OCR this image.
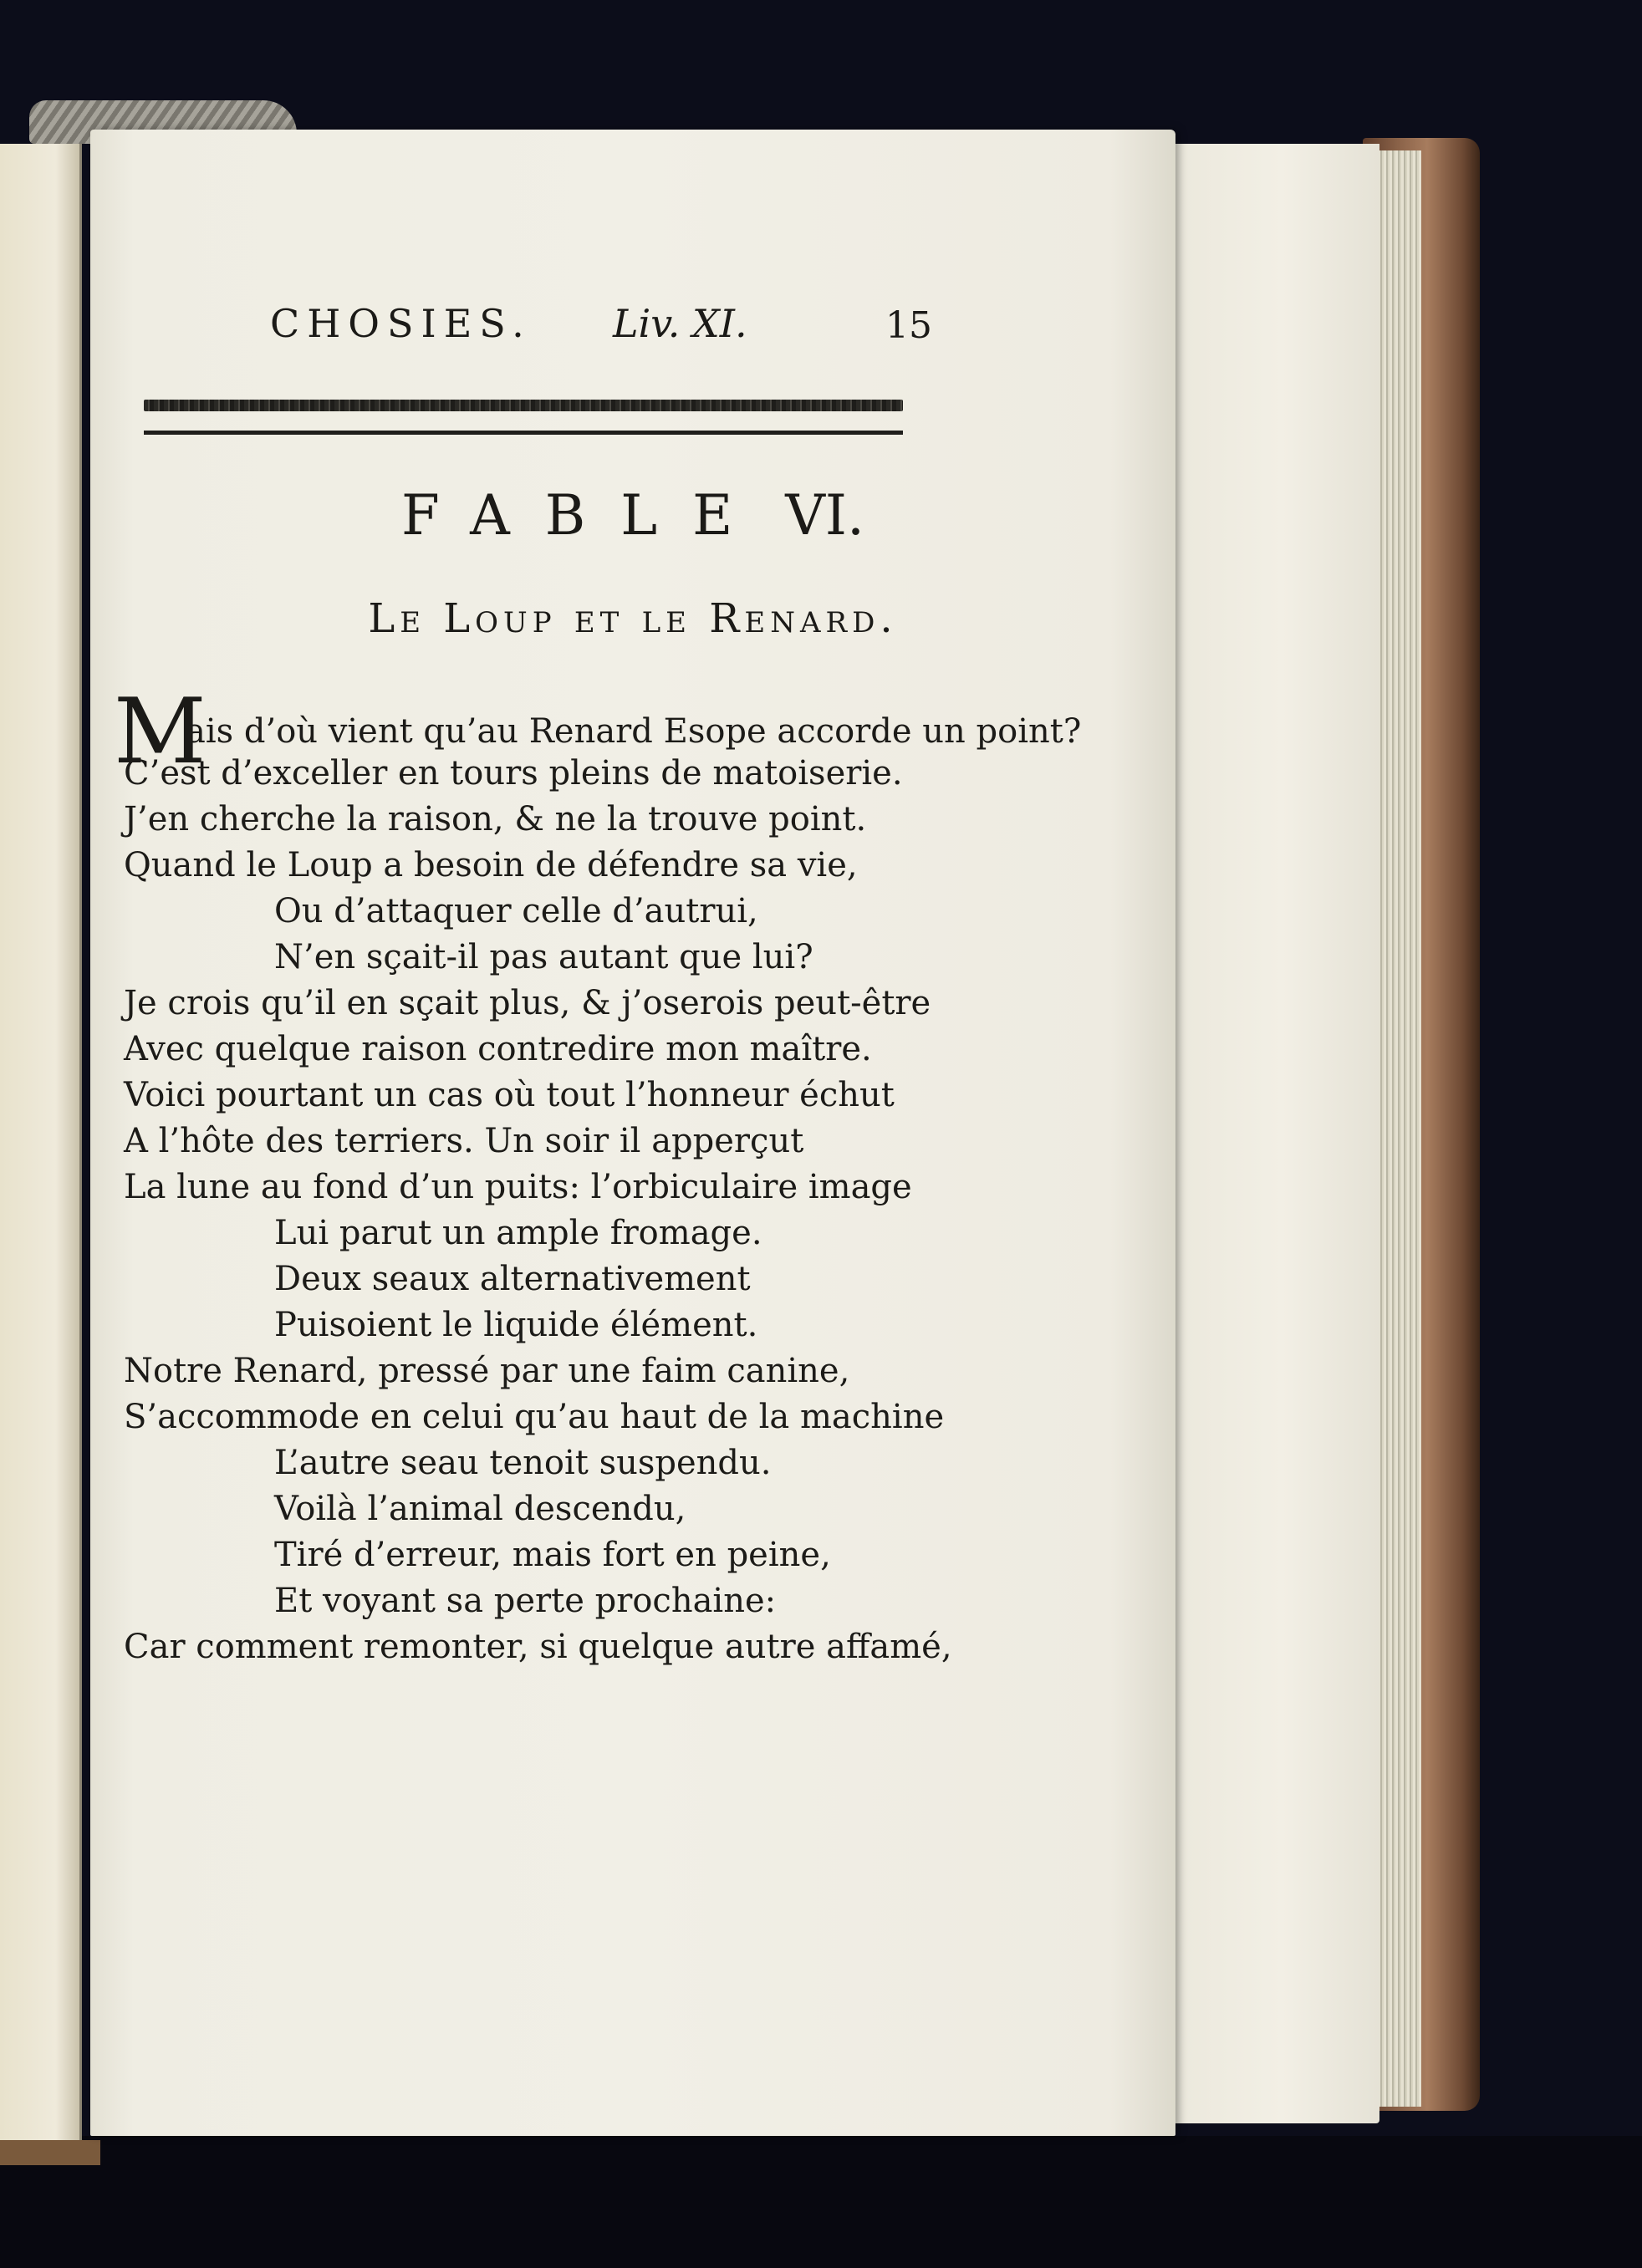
CHOSIES. Liv. XI.	15
FABLE VI.
Le Loup et le Renard.
M
ais d’où vient qu’au Renard Esope accorde un point?
C’est d’exceller en tours pleins de matoiserie.
J’en cherche la raison, & ne la trouve point.
Quand le Loup a besoin de défendre sa vie,
Ou d’attaquer celle d’autrui,
N’en sçait-il pas autant que lui?
Je crois qu’il en sçait plus, & j’oserois peut-être
Avec quelque raison contredire mon maître.
Voici pourtant un cas où tout l’honneur échut
A l’hôte des terriers. Un soir il apperçut
La lune au fond d’un puits: l’orbiculaire image
Lui parut un ample fromage.
Deux seaux alternativement
Puisoient le liquide élément.
Notre Renard, pressé par une faim canine,
S’accommode en celui qu’au haut de la machine
L’autre seau tenoit suspendu.
Voilà l’animal descendu,
Tiré d’erreur, mais fort en peine,
Et voyant sa perte prochaine:
Car comment remonter, si quelque autre affamé,
